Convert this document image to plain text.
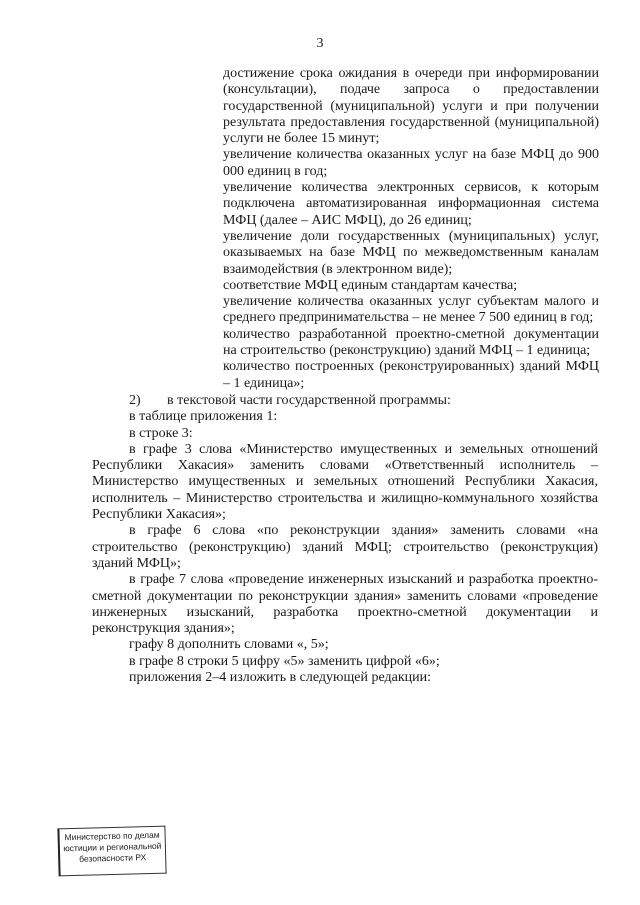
3

достижение срока ожидания в очереди при информировании (консультации), подаче запроса о предоставлении государственной (муниципальной) услуги и при получении результата предоставления государственной (муниципальной) услуги не более 15 минут;

увеличение количества оказанных услуг на базе МФЦ до 900 000 единиц в год;

увеличение количества электронных сервисов, к которым подключена автоматизированная информационная система МФЦ (далее – АИС МФЦ), до 26 единиц;

увеличение доли государственных (муниципальных) услуг, оказываемых на базе МФЦ по межведомственным каналам взаимодействия (в электронном виде);

соответствие МФЦ единым стандартам качества;

увеличение количества оказанных услуг субъектам малого и среднего предпринимательства – не менее 7 500 единиц в год;

количество разработанной проектно-сметной документации на строительство (реконструкцию) зданий МФЦ – 1 единица;

количество построенных (реконструированных) зданий МФЦ – 1 единица»;

2) в текстовой части государственной программы:

в таблице приложения 1:

в строке 3:

в графе 3 слова «Министерство имущественных и земельных отношений Республики Хакасия» заменить словами «Ответственный исполнитель – Министерство имущественных и земельных отношений Республики Хакасия, исполнитель – Министерство строительства и жилищно-коммунального хозяйства Республики Хакасия»;

в графе 6 слова «по реконструкции здания» заменить словами «на строительство (реконструкцию) зданий МФЦ; строительство (реконструкция) зданий МФЦ»;

в графе 7 слова «проведение инженерных изысканий и разработка проектно-сметной документации по реконструкции здания» заменить словами «проведение инженерных изысканий, разработка проектно-сметной документации и реконструкция здания»;

графу 8 дополнить словами «, 5»;

в графе 8 строки 5 цифру «5» заменить цифрой «6»;

приложения 2–4 изложить в следующей редакции:

Министерство по делам
юстиции и региональной
безопасности РХ
